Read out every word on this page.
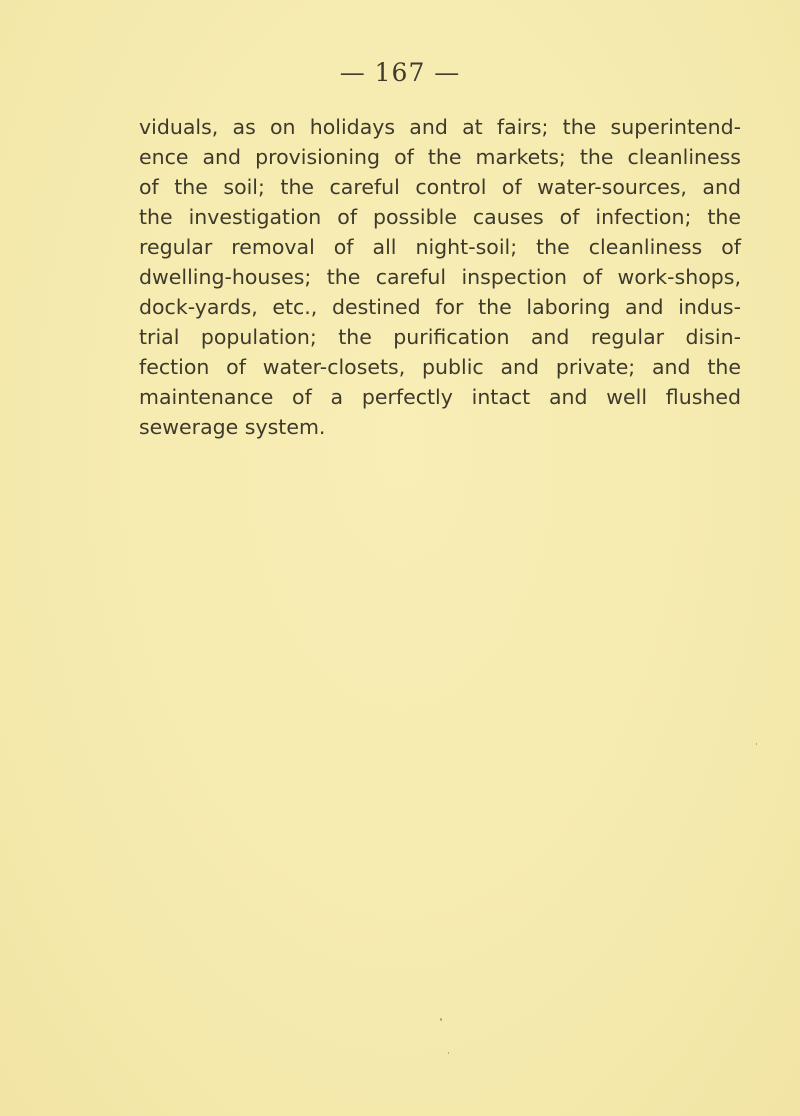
— 167 —
viduals, as on holidays and at fairs; the superintend-
ence and provisioning of the markets; the cleanliness
of the soil; the careful control of water-sources, and
the investigation of possible causes of infection; the
regular removal of all night-soil; the cleanliness of
dwelling-houses; the careful inspection of work-shops,
dock-yards, etc., destined for the laboring and indus-
trial population; the purification and regular disin-
fection of water-closets, public and private; and the
maintenance of a perfectly intact and well flushed
sewerage system.
